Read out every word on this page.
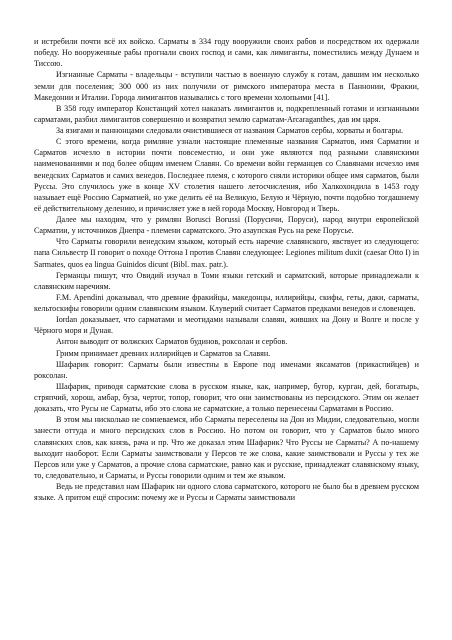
и истребили почти всё их войско. Сарматы в 334 году вооружили своих рабов и посредством их одержали победу. Но вооруженные рабы прогнали своих господ и сами, как лимиганты, поместились между Дунаем и Тиссою.

Изгнанные Сарматы - владельцы - вступили частью в военную службу к готам, давшим им несколько земли для поселения; 300 000 из них получили от римского императора места в Паннонии, Фракии, Македонии и Италии. Города лимигантов назывались с того времени холопьими [41].

В 358 году император Констанций хотел наказать лимигантов и, подкрепленный готами и изгнанными сарматами, разбил лимигантов совершенно и возвратил землю сарматам-Arcaraganthes, дав им царя.

За язигами и паннонцами следовали очистившиеся от названия Сарматов сербы, хорваты и болгары.

С этого времени, когда римляне узнали настоящие племенные названия Сарматов, имя Сарматии и Сарматов исчезло в истории почти повсеместно, и они уже являются под разными славянскими наименованиями и под более общим именем Славян. Со времени войн германцев со Славянами исчезло имя венедских Сарматов и самих венедов. Последнее племя, с которого сняли историки общее имя сарматов, были Руссы. Это случилось уже в конце XV столетия нашего летосчисления, ибо Халкохондила в 1453 году называет ещё Россию Сарматией, но уже делить её на Великую, Белую и Чёрную, почти подобно тогдашнему её действительному делению, и причисляет уже в ней города Москву, Новгород и Тверь.

Далее мы находим, что у римлян Borusci Borussi (Порусичи, Поруси), народ внутри европейской Сарматии, у источников Днепра - племени сарматского. Это азаупская Русь на реке Порусье.

Что Сарматы говорили венедским языком, который есть наречие славянского, явствует из следующего: папа Сильвестр II говорит о походе Оттона I против Славян следующее: Legiones militum duxit (caesar Otto I) in Sarmates, quos ea lingua Guinidos dicunt (Bibl. max. patr.).

Германцы пишут, что Овидий изучал в Томи языки гетский и сарматский, которые принадлежали к славянским наречиям.

F.M. Apendini доказывал, что древние фракийцы, македонцы, иллирийцы, скифы, геты, даки, сарматы, кельтоскифы говорили одним славянским языком. Клуверий считает Сарматов предками венедов и словенцев.

Iordan доказывает, что сарматами и меотидами называли славян, живших на Дону и Волге и после у Чёрного моря и Дуная.

Антон выводит от волжских Сарматов будинов, роксолан и сербов.

Гримм принимает древних иллирийцев и Сарматов за Славян.

Шафарик говорит: Сарматы были известны в Европе под именами яксаматов (прикаспийцев) и роксолан.

Шафарик, приводя сарматские слова в русском языке, как, например, бугор, курган, дей, богатырь, стряпчий, хорош, амбар, буза, чертог, топор, говорит, что они заимствованы из персидского. Этим он желает доказать, что Русы не Сарматы, ибо это слова не сарматские, а только перенесены Сарматами в Россию.

В этом мы нисколько не сомневаемся, ибо Сарматы переселены на Дон из Мидии, следовательно, могли занести оттуда и много персидских слов в Россию. Но потом он говорит, что у Сарматов было много славянских слов, как князь, рача и пр. Что же доказал этим Шафарик? Что Руссы не Сарматы? А по-нашему выходит наоборот. Если Сарматы заимствовали у Персов те же слова, какие заимствовали и Руссы у тех же Персов или уже у Сарматов, а прочие слова сарматские, равно как и русские, принадлежат славянскому языку, то, следовательно, и Сарматы, и Руссы говорили одним и тем же языком.

Ведь не представил нам Шафарик ни одного слова сарматского, которого не было бы в древнем русском языке. А притом ещё спросим: почему же и Руссы и Сарматы заимствовали
